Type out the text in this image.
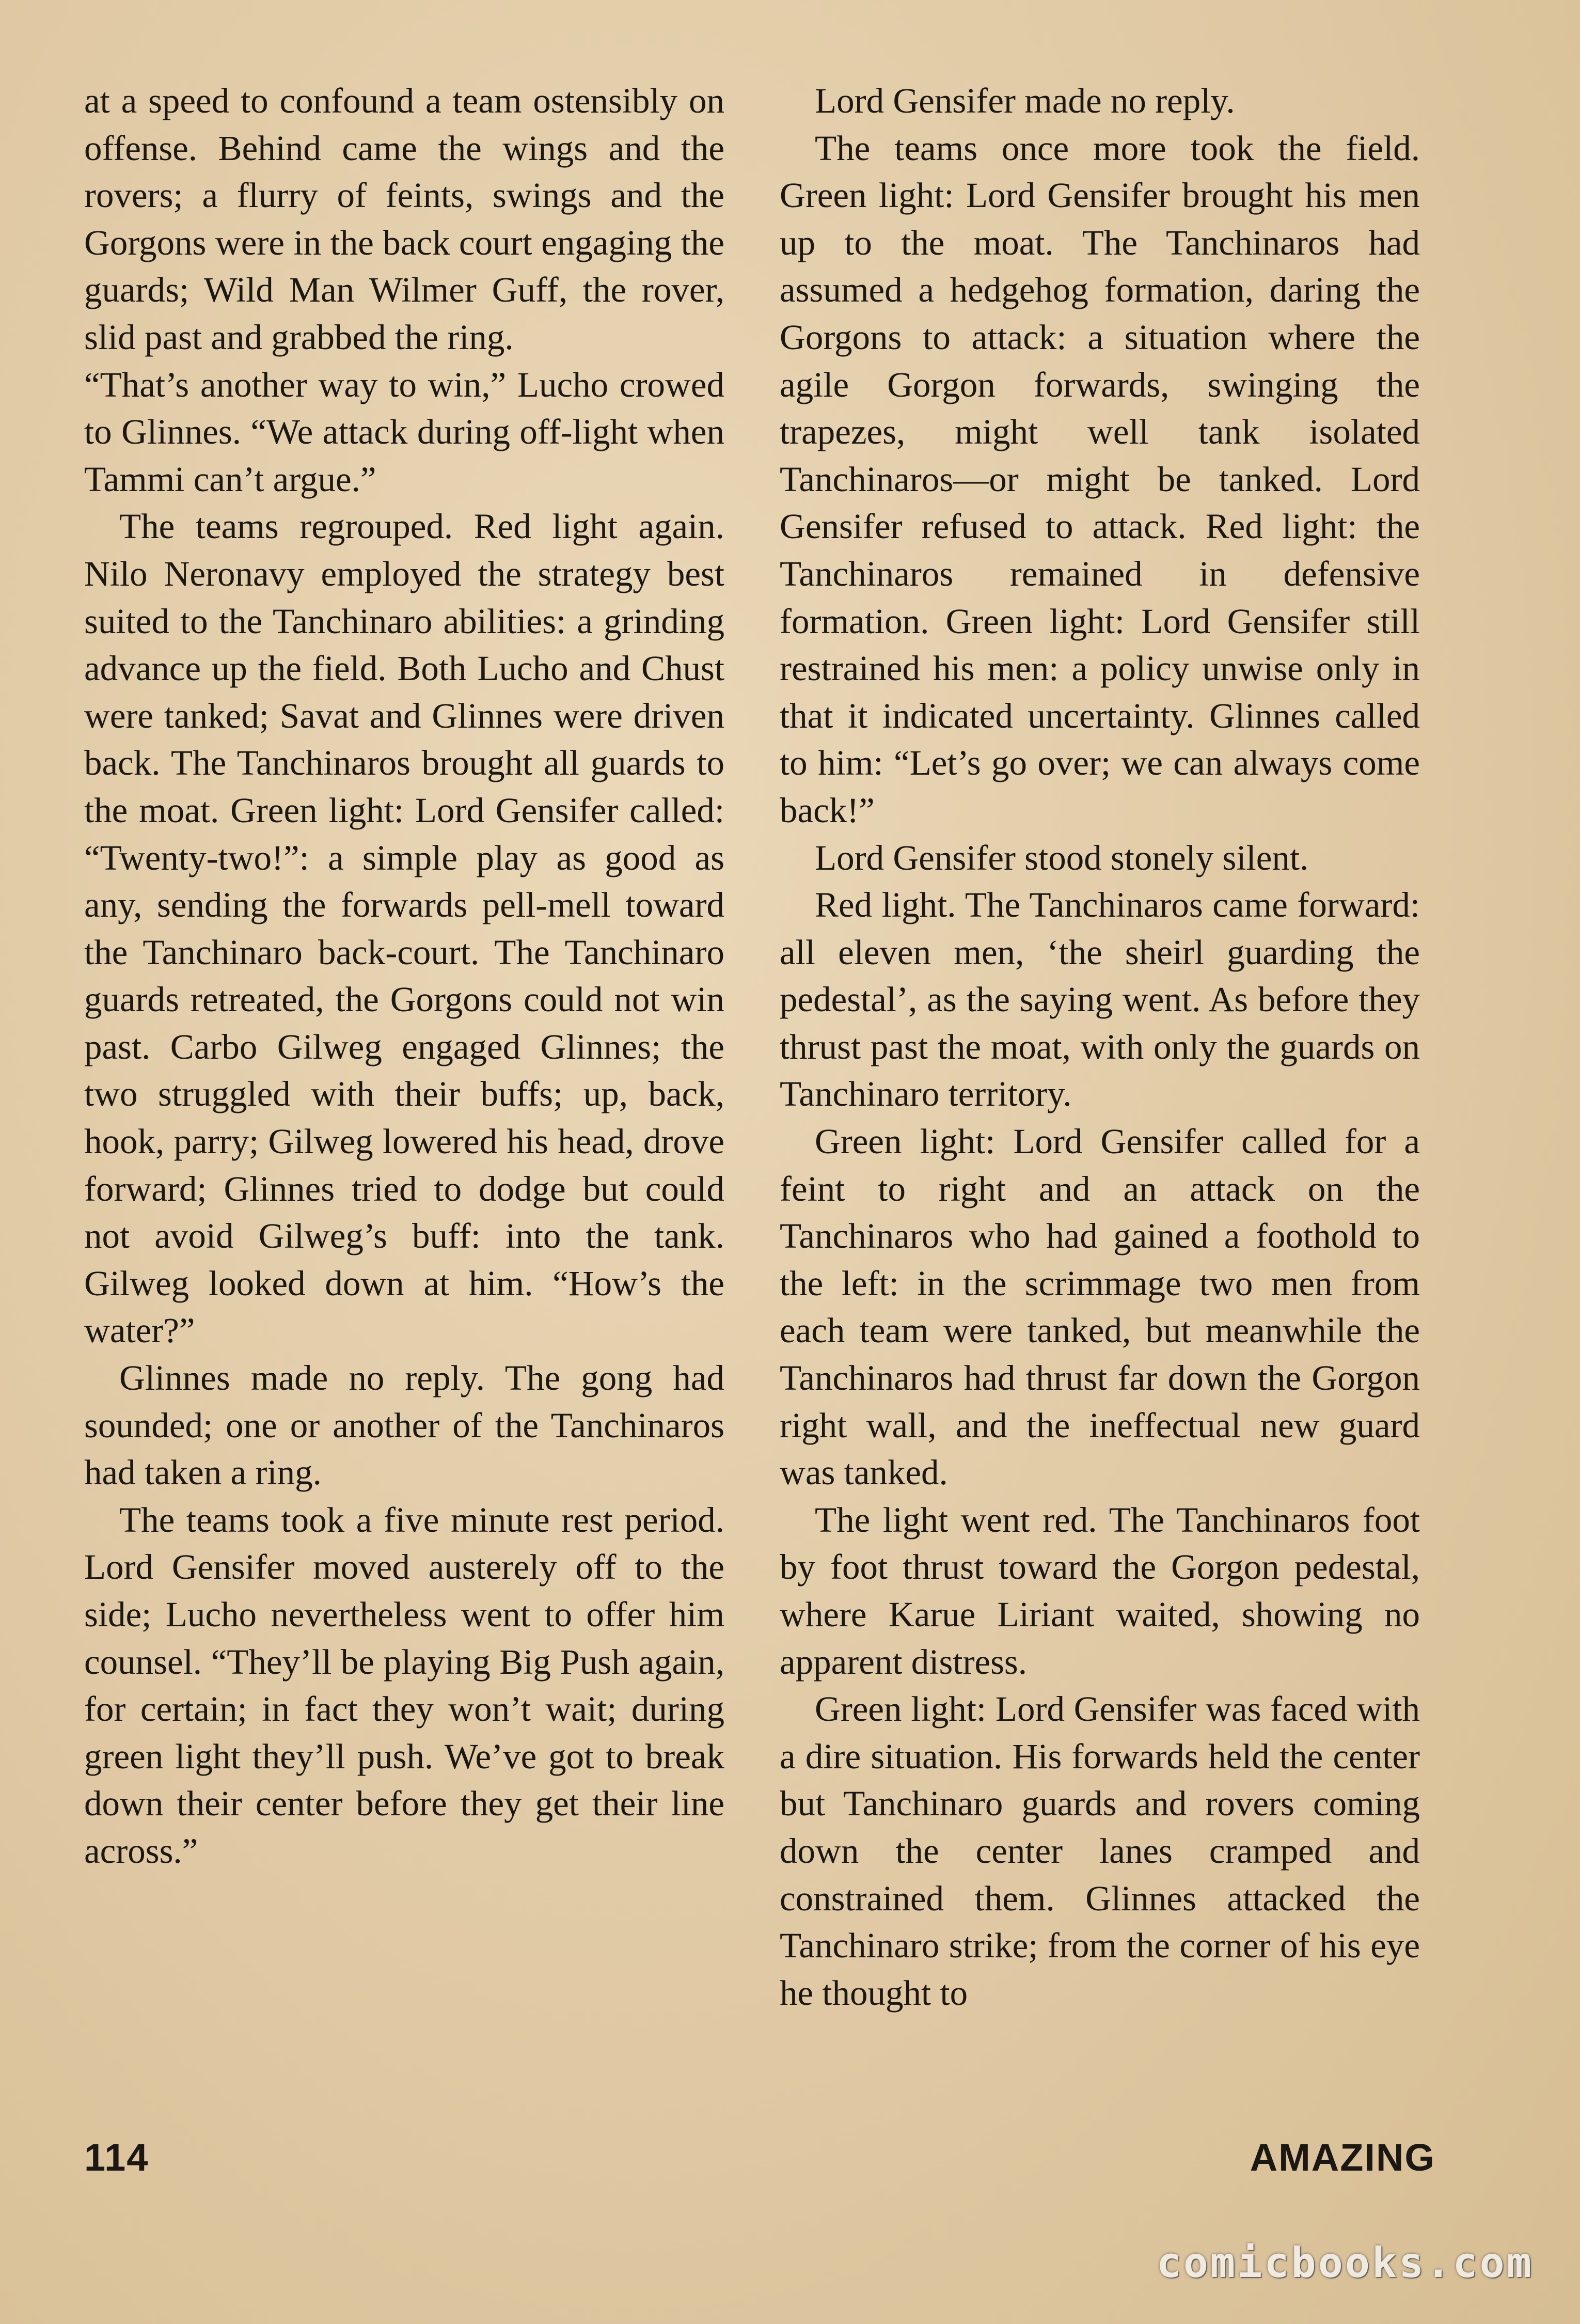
at a speed to confound a team ostensibly on offense. Behind came the wings and the rovers; a flurry of feints, swings and the Gorgons were in the back court engaging the guards; Wild Man Wilmer Guff, the rover, slid past and grabbed the ring.

“That’s another way to win,” Lucho crowed to Glinnes. “We attack during off-light when Tammi can’t argue.”

The teams regrouped. Red light again. Nilo Neronavy employed the strategy best suited to the Tanchinaro abilities: a grinding advance up the field. Both Lucho and Chust were tanked; Savat and Glinnes were driven back. The Tanchinaros brought all guards to the moat. Green light: Lord Gensifer called: “Twenty-two!”: a simple play as good as any, sending the forwards pell-mell toward the Tanchinaro back-court. The Tanchinaro guards retreated, the Gorgons could not win past. Carbo Gilweg engaged Glinnes; the two struggled with their buffs; up, back, hook, parry; Gilweg lowered his head, drove forward; Glinnes tried to dodge but could not avoid Gilweg’s buff: into the tank. Gilweg looked down at him. “How’s the water?”

Glinnes made no reply. The gong had sounded; one or another of the Tanchinaros had taken a ring.

The teams took a five minute rest period. Lord Gensifer moved austerely off to the side; Lucho nevertheless went to offer him counsel. “They’ll be playing Big Push again, for certain; in fact they won’t wait; during green light they’ll push. We’ve got to break down their center before they get their line across.”

Lord Gensifer made no reply.

The teams once more took the field. Green light: Lord Gensifer brought his men up to the moat. The Tanchinaros had assumed a hedgehog formation, daring the Gorgons to attack: a situation where the agile Gorgon forwards, swinging the trapezes, might well tank isolated Tanchinaros—or might be tanked. Lord Gensifer refused to attack. Red light: the Tanchinaros remained in defensive formation. Green light: Lord Gensifer still restrained his men: a policy unwise only in that it indicated uncertainty. Glinnes called to him: “Let’s go over; we can always come back!”

Lord Gensifer stood stonely silent.

Red light. The Tanchinaros came forward: all eleven men, ‘the sheirl guarding the pedestal’, as the saying went. As before they thrust past the moat, with only the guards on Tanchinaro territory.

Green light: Lord Gensifer called for a feint to right and an attack on the Tanchinaros who had gained a foothold to the left: in the scrimmage two men from each team were tanked, but meanwhile the Tanchinaros had thrust far down the Gorgon right wall, and the ineffectual new guard was tanked.

The light went red. The Tanchinaros foot by foot thrust toward the Gorgon pedestal, where Karue Liriant waited, showing no apparent distress.

Green light: Lord Gensifer was faced with a dire situation. His forwards held the center but Tanchinaro guards and rovers coming down the center lanes cramped and constrained them. Glinnes attacked the Tanchinaro strike; from the corner of his eye he thought to

114	AMAZING
comicbooks.com
